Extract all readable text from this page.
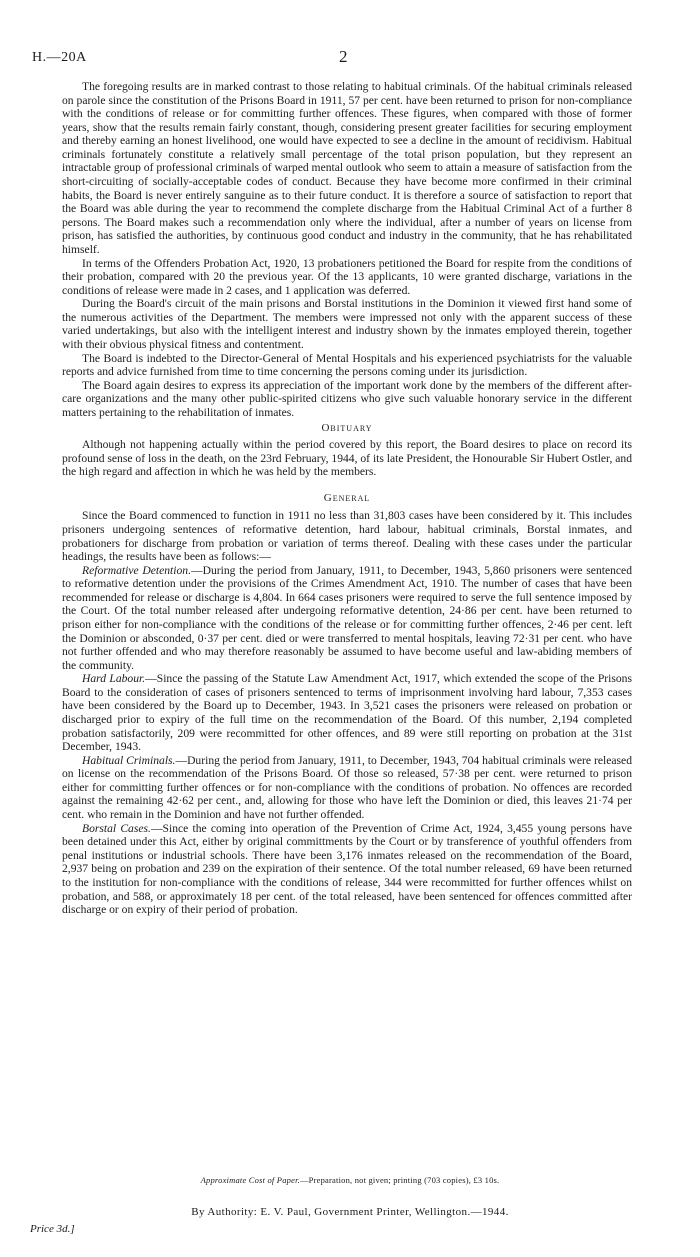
H.—20A	2

The foregoing results are in marked contrast to those relating to habitual criminals. Of the habitual criminals released on parole since the constitution of the Prisons Board in 1911, 57 per cent. have been returned to prison for non-compliance with the conditions of release or for committing further offences. These figures, when compared with those of former years, show that the results remain fairly constant, though, considering present greater facilities for securing employment and thereby earning an honest livelihood, one would have expected to see a decline in the amount of recidivism. Habitual criminals fortunately constitute a relatively small percentage of the total prison population, but they represent an intractable group of professional criminals of warped mental outlook who seem to attain a measure of satisfaction from the short-circuiting of socially-acceptable codes of conduct. Because they have become more confirmed in their criminal habits, the Board is never entirely sanguine as to their future conduct. It is therefore a source of satisfaction to report that the Board was able during the year to recommend the complete discharge from the Habitual Criminal Act of a further 8 persons. The Board makes such a recommendation only where the individual, after a number of years on license from prison, has satisfied the authorities, by continuous good conduct and industry in the community, that he has rehabilitated himself.

In terms of the Offenders Probation Act, 1920, 13 probationers petitioned the Board for respite from the conditions of their probation, compared with 20 the previous year. Of the 13 applicants, 10 were granted discharge, variations in the conditions of release were made in 2 cases, and 1 application was deferred.

During the Board's circuit of the main prisons and Borstal institutions in the Dominion it viewed first hand some of the numerous activities of the Department. The members were impressed not only with the apparent success of these varied undertakings, but also with the intelligent interest and industry shown by the inmates employed therein, together with their obvious physical fitness and contentment.

The Board is indebted to the Director-General of Mental Hospitals and his experienced psychiatrists for the valuable reports and advice furnished from time to time concerning the persons coming under its jurisdiction.

The Board again desires to express its appreciation of the important work done by the members of the different after-care organizations and the many other public-spirited citizens who give such valuable honorary service in the different matters pertaining to the rehabilitation of inmates.

Obituary

Although not happening actually within the period covered by this report, the Board desires to place on record its profound sense of loss in the death, on the 23rd February, 1944, of its late President, the Honourable Sir Hubert Ostler, and the high regard and affection in which he was held by the members.

General

Since the Board commenced to function in 1911 no less than 31,803 cases have been considered by it. This includes prisoners undergoing sentences of reformative detention, hard labour, habitual criminals, Borstal inmates, and probationers for discharge from probation or variation of terms thereof. Dealing with these cases under the particular headings, the results have been as follows:—

Reformative Detention.—During the period from January, 1911, to December, 1943, 5,860 prisoners were sentenced to reformative detention under the provisions of the Crimes Amendment Act, 1910. The number of cases that have been recommended for release or discharge is 4,804. In 664 cases prisoners were required to serve the full sentence imposed by the Court. Of the total number released after undergoing reformative detention, 24·86 per cent. have been returned to prison either for non-compliance with the conditions of the release or for committing further offences, 2·46 per cent. left the Dominion or absconded, 0·37 per cent. died or were transferred to mental hospitals, leaving 72·31 per cent. who have not further offended and who may therefore reasonably be assumed to have become useful and law-abiding members of the community.

Hard Labour.—Since the passing of the Statute Law Amendment Act, 1917, which extended the scope of the Prisons Board to the consideration of cases of prisoners sentenced to terms of imprisonment involving hard labour, 7,353 cases have been considered by the Board up to December, 1943. In 3,521 cases the prisoners were released on probation or discharged prior to expiry of the full time on the recommendation of the Board. Of this number, 2,194 completed probation satisfactorily, 209 were recommitted for other offences, and 89 were still reporting on probation at the 31st December, 1943.

Habitual Criminals.—During the period from January, 1911, to December, 1943, 704 habitual criminals were released on license on the recommendation of the Prisons Board. Of those so released, 57·38 per cent. were returned to prison either for committing further offences or for non-compliance with the conditions of probation. No offences are recorded against the remaining 42·62 per cent., and, allowing for those who have left the Dominion or died, this leaves 21·74 per cent. who remain in the Dominion and have not further offended.

Borstal Cases.—Since the coming into operation of the Prevention of Crime Act, 1924, 3,455 young persons have been detained under this Act, either by original committments by the Court or by transference of youthful offenders from penal institutions or industrial schools. There have been 3,176 inmates released on the recommendation of the Board, 2,937 being on probation and 239 on the expiration of their sentence. Of the total number released, 69 have been returned to the institution for non-compliance with the conditions of release, 344 were recommitted for further offences whilst on probation, and 588, or approximately 18 per cent. of the total released, have been sentenced for offences committed after discharge or on expiry of their period of probation.

Approximate Cost of Paper.—Preparation, not given; printing (703 copies), £3 10s.
By Authority: E. V. Paul, Government Printer, Wellington.—1944.
Price 3d.]
